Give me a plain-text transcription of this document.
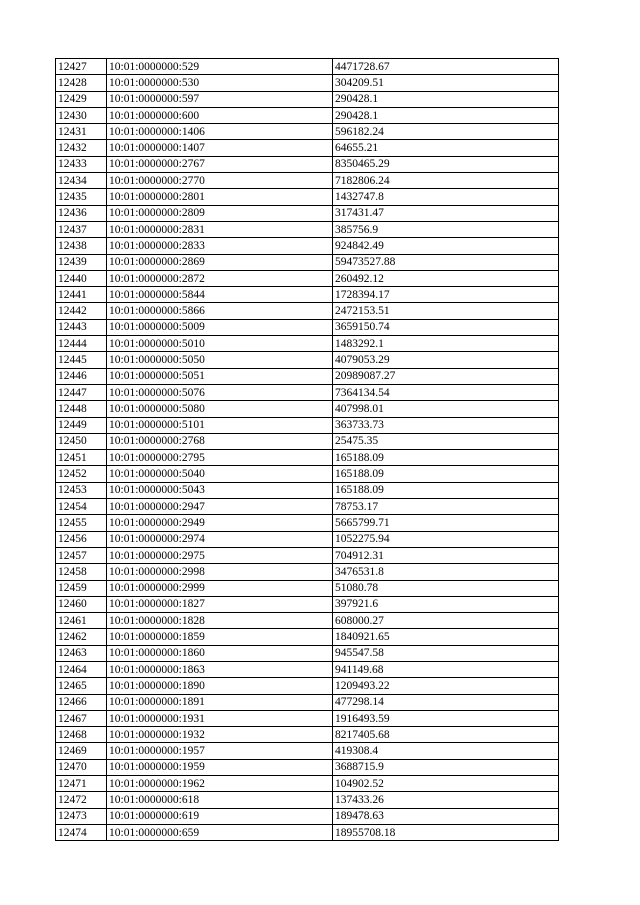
12427	10:01:0000000:529	4471728.67
12428	10:01:0000000:530	304209.51
12429	10:01:0000000:597	290428.1
12430	10:01:0000000:600	290428.1
12431	10:01:0000000:1406	596182.24
12432	10:01:0000000:1407	64655.21
12433	10:01:0000000:2767	8350465.29
12434	10:01:0000000:2770	7182806.24
12435	10:01:0000000:2801	1432747.8
12436	10:01:0000000:2809	317431.47
12437	10:01:0000000:2831	385756.9
12438	10:01:0000000:2833	924842.49
12439	10:01:0000000:2869	59473527.88
12440	10:01:0000000:2872	260492.12
12441	10:01:0000000:5844	1728394.17
12442	10:01:0000000:5866	2472153.51
12443	10:01:0000000:5009	3659150.74
12444	10:01:0000000:5010	1483292.1
12445	10:01:0000000:5050	4079053.29
12446	10:01:0000000:5051	20989087.27
12447	10:01:0000000:5076	7364134.54
12448	10:01:0000000:5080	407998.01
12449	10:01:0000000:5101	363733.73
12450	10:01:0000000:2768	25475.35
12451	10:01:0000000:2795	165188.09
12452	10:01:0000000:5040	165188.09
12453	10:01:0000000:5043	165188.09
12454	10:01:0000000:2947	78753.17
12455	10:01:0000000:2949	5665799.71
12456	10:01:0000000:2974	1052275.94
12457	10:01:0000000:2975	704912.31
12458	10:01:0000000:2998	3476531.8
12459	10:01:0000000:2999	51080.78
12460	10:01:0000000:1827	397921.6
12461	10:01:0000000:1828	608000.27
12462	10:01:0000000:1859	1840921.65
12463	10:01:0000000:1860	945547.58
12464	10:01:0000000:1863	941149.68
12465	10:01:0000000:1890	1209493.22
12466	10:01:0000000:1891	477298.14
12467	10:01:0000000:1931	1916493.59
12468	10:01:0000000:1932	8217405.68
12469	10:01:0000000:1957	419308.4
12470	10:01:0000000:1959	3688715.9
12471	10:01:0000000:1962	104902.52
12472	10:01:0000000:618	137433.26
12473	10:01:0000000:619	189478.63
12474	10:01:0000000:659	18955708.18
